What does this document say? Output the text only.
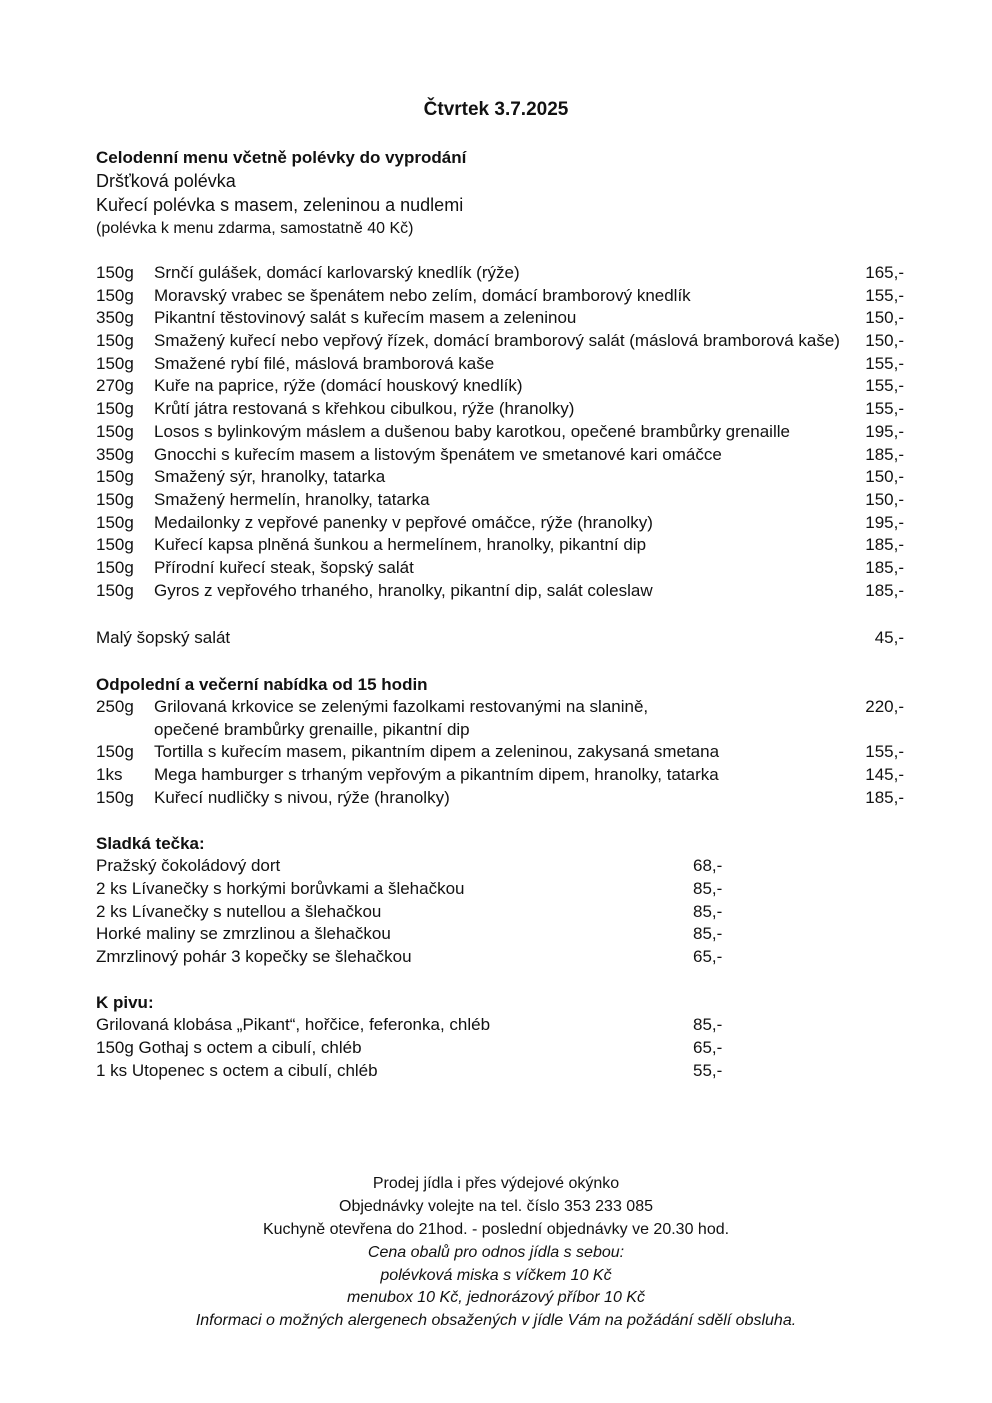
Čtvrtek 3.7.2025
Celodenní menu včetně polévky do vyprodání
Dršťková polévka
Kuřecí polévka s masem, zeleninou a nudlemi
(polévka k menu zdarma, samostatně 40 Kč)
150g Srnčí gulášek, domácí karlovarský knedlík (rýže)	165,-
150g Moravský vrabec se špenátem nebo zelím, domácí bramborový knedlík	155,-
350g Pikantní těstovinový salát s kuřecím masem a zeleninou	150,-
150g Smažený kuřecí nebo vepřový řízek, domácí bramborový salát (máslová bramborová kaše) 150,-
150g Smažené rybí filé, máslová bramborová kaše	155,-
270g Kuře na paprice, rýže (domácí houskový knedlík)	155,-
150g Krůtí játra restovaná s křehkou cibulkou, rýže (hranolky)	155,-
150g Losos s bylinkovým máslem a dušenou baby karotkou, opečené brambůrky grenaille	195,-
350g Gnocchi s kuřecím masem a listovým špenátem ve smetanové kari omáčce	185,-
150g Smažený sýr, hranolky, tatarka	150,-
150g Smažený hermelín, hranolky, tatarka	150,-
150g Medailonky z vepřové panenky v pepřové omáčce, rýže (hranolky)	195,-
150g Kuřecí kapsa plněná šunkou a hermelínem, hranolky, pikantní dip	185,-
150g Přírodní kuřecí steak, šopský salát	185,-
150g Gyros z vepřového trhaného, hranolky, pikantní dip, salát coleslaw	185,-
Malý šopský salát	45,-
Odpolední a večerní nabídka od 15 hodin
250g Grilovaná krkovice se zelenými fazolkami restovanými na slanině,	220,-
opečené brambůrky grenaille, pikantní dip
150g Tortilla s kuřecím masem, pikantním dipem a zeleninou, zakysaná smetana	155,-
1ks Mega hamburger s trhaným vepřovým a pikantním dipem, hranolky, tatarka	145,-
150g Kuřecí nudličky s nivou, rýže (hranolky)	185,-
Sladká tečka:
Pražský čokoládový dort	68,-
2 ks Lívanečky s horkými borůvkami a šlehačkou	85,-
2 ks Lívanečky s nutellou a šlehačkou	85,-
Horké maliny se zmrzlinou a šlehačkou	85,-
Zmrzlinový pohár 3 kopečky se šlehačkou	65,-
K pivu:
Grilovaná klobása „Pikant“, hořčice, feferonka, chléb	85,-
150g Gothaj s octem a cibulí, chléb	65,-
1 ks Utopenec s octem a cibulí, chléb	55,-
Prodej jídla i přes výdejové okýnko
Objednávky volejte na tel. číslo 353 233 085
Kuchyně otevřena do 21hod. - poslední objednávky ve 20.30 hod.
Cena obalů pro odnos jídla s sebou:
polévková miska s víčkem 10 Kč
menubox 10 Kč, jednorázový příbor 10 Kč
Informaci o možných alergenech obsažených v jídle Vám na požádání sdělí obsluha.
